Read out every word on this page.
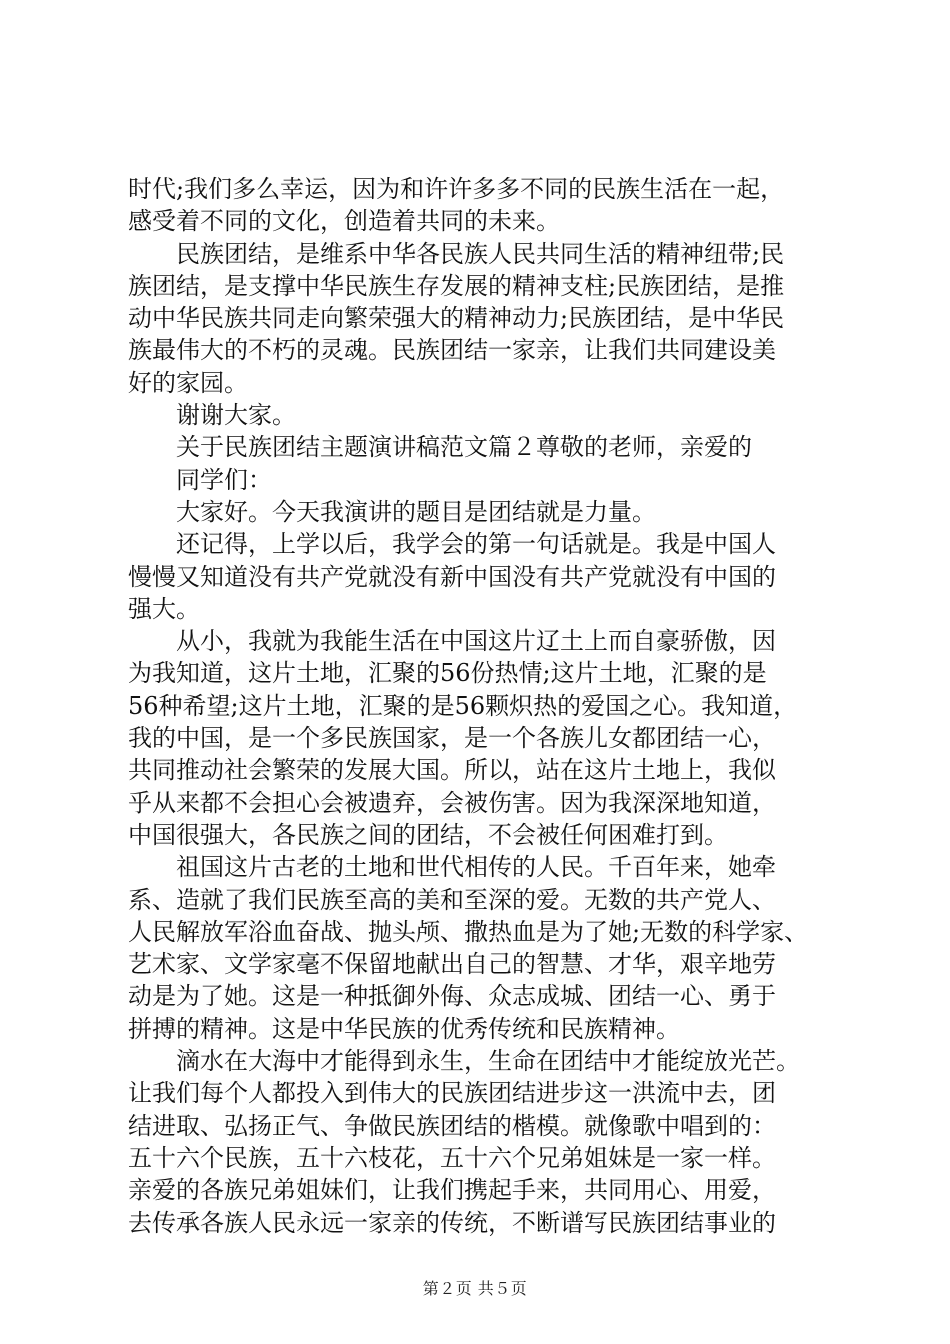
时代;我们多么幸运，因为和许许多多不同的民族生活在一起，
感受着不同的文化，创造着共同的未来。
　　民族团结，是维系中华各民族人民共同生活的精神纽带;民
族团结，是支撑中华民族生存发展的精神支柱;民族团结，是推
动中华民族共同走向繁荣强大的精神动力;民族团结，是中华民
族最伟大的不朽的灵魂。民族团结一家亲，让我们共同建设美
好的家园。
　　谢谢大家。
　　关于民族团结主题演讲稿范文篇２尊敬的老师，亲爱的
　　同学们：
　　大家好。今天我演讲的题目是团结就是力量。
　　还记得，上学以后，我学会的第一句话就是。我是中国人
慢慢又知道没有共产党就没有新中国没有共产党就没有中国的
强大。
　　从小，我就为我能生活在中国这片辽土上而自豪骄傲，因
为我知道，这片土地，汇聚的56份热情;这片土地，汇聚的是
56种希望;这片土地，汇聚的是56颗炽热的爱国之心。我知道，
我的中国，是一个多民族国家，是一个各族儿女都团结一心，
共同推动社会繁荣的发展大国。所以，站在这片土地上，我似
乎从来都不会担心会被遗弃，会被伤害。因为我深深地知道，
中国很强大，各民族之间的团结，不会被任何困难打到。
　　祖国这片古老的土地和世代相传的人民。千百年来，她牵
系、造就了我们民族至高的美和至深的爱。无数的共产党人、
人民解放军浴血奋战、抛头颅、撒热血是为了她;无数的科学家、
艺术家、文学家毫不保留地献出自己的智慧、才华，艰辛地劳
动是为了她。这是一种抵御外侮、众志成城、团结一心、勇于
拼搏的精神。这是中华民族的优秀传统和民族精神。
　　滴水在大海中才能得到永生，生命在团结中才能绽放光芒。
让我们每个人都投入到伟大的民族团结进步这一洪流中去，团
结进取、弘扬正气、争做民族团结的楷模。就像歌中唱到的：
五十六个民族，五十六枝花，五十六个兄弟姐妹是一家一样。
亲爱的各族兄弟姐妹们，让我们携起手来，共同用心、用爱，
去传承各族人民永远一家亲的传统，不断谱写民族团结事业的
第２页 共５页
